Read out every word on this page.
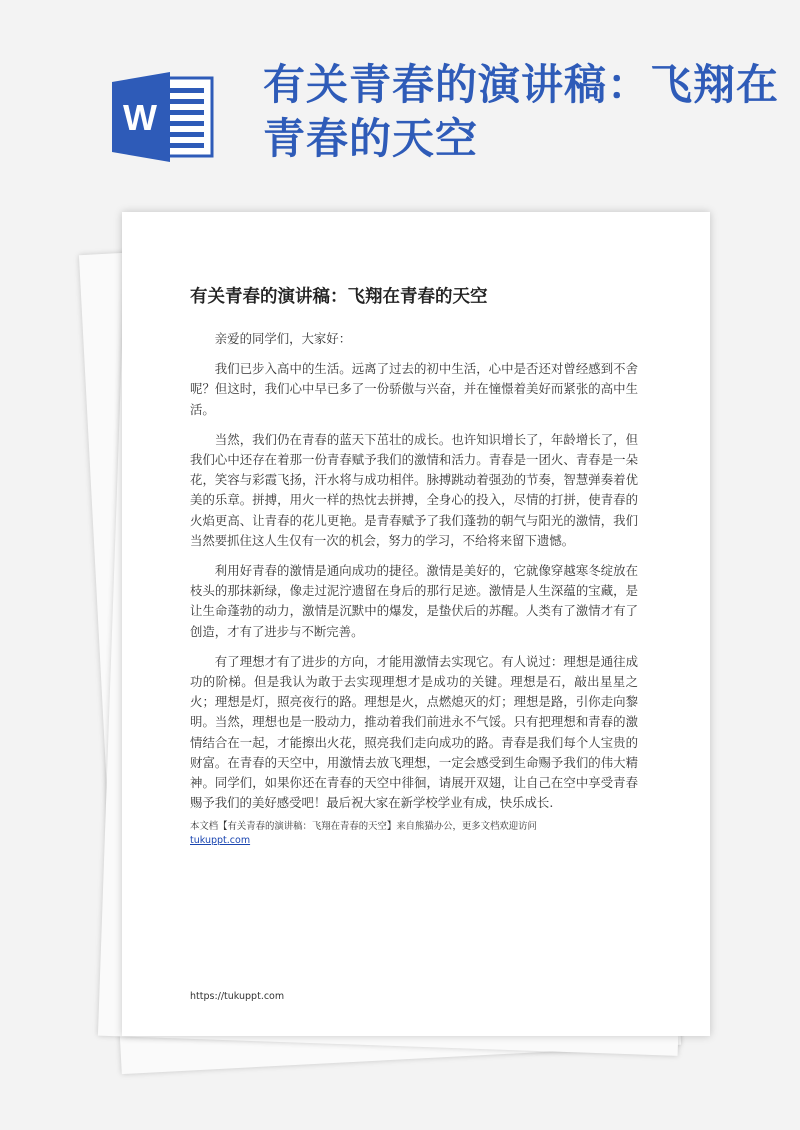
W
有关青春的演讲稿：飞翔在青春的天空
有关青春的演讲稿：飞翔在青春的天空

亲爱的同学们，大家好：

我们已步入高中的生活。远离了过去的初中生活，心中是否还对曾经感到不舍呢？但这时，我们心中早已多了一份骄傲与兴奋，并在憧憬着美好而紧张的高中生活。

当然，我们仍在青春的蓝天下茁壮的成长。也许知识增长了，年龄增长了，但我们心中还存在着那一份青春赋予我们的激情和活力。青春是一团火、青春是一朵花，笑容与彩霞飞扬，汗水将与成功相伴。脉搏跳动着强劲的节奏，智慧弹奏着优美的乐章。拼搏，用火一样的热忱去拼搏，全身心的投入，尽情的打拼，使青春的火焰更高、让青春的花儿更艳。是青春赋予了我们蓬勃的朝气与阳光的激情，我们当然要抓住这人生仅有一次的机会，努力的学习，不给将来留下遗憾。

利用好青春的激情是通向成功的捷径。激情是美好的，它就像穿越寒冬绽放在枝头的那抹新绿，像走过泥泞遗留在身后的那行足迹。激情是人生深蕴的宝藏，是让生命蓬勃的动力，激情是沉默中的爆发，是蛰伏后的苏醒。人类有了激情才有了创造，才有了进步与不断完善。

有了理想才有了进步的方向，才能用激情去实现它。有人说过：理想是通往成功的阶梯。但是我认为敢于去实现理想才是成功的关键。理想是石，敲出星星之火；理想是灯，照亮夜行的路。理想是火，点燃熄灭的灯；理想是路，引你走向黎明。当然，理想也是一股动力，推动着我们前进永不气馁。只有把理想和青春的激情结合在一起，才能擦出火花，照亮我们走向成功的路。青春是我们每个人宝贵的财富。在青春的天空中，用激情去放飞理想，一定会感受到生命赐予我们的伟大精神。同学们，如果你还在青春的天空中徘徊，请展开双翅，让自己在空中享受青春赐予我们的美好感受吧！最后祝大家在新学校学业有成，快乐成长.

本文档【有关青春的演讲稿：飞翔在青春的天空】来自熊猫办公，更多文档欢迎访问
tukuppt.com
https://tukuppt.com
